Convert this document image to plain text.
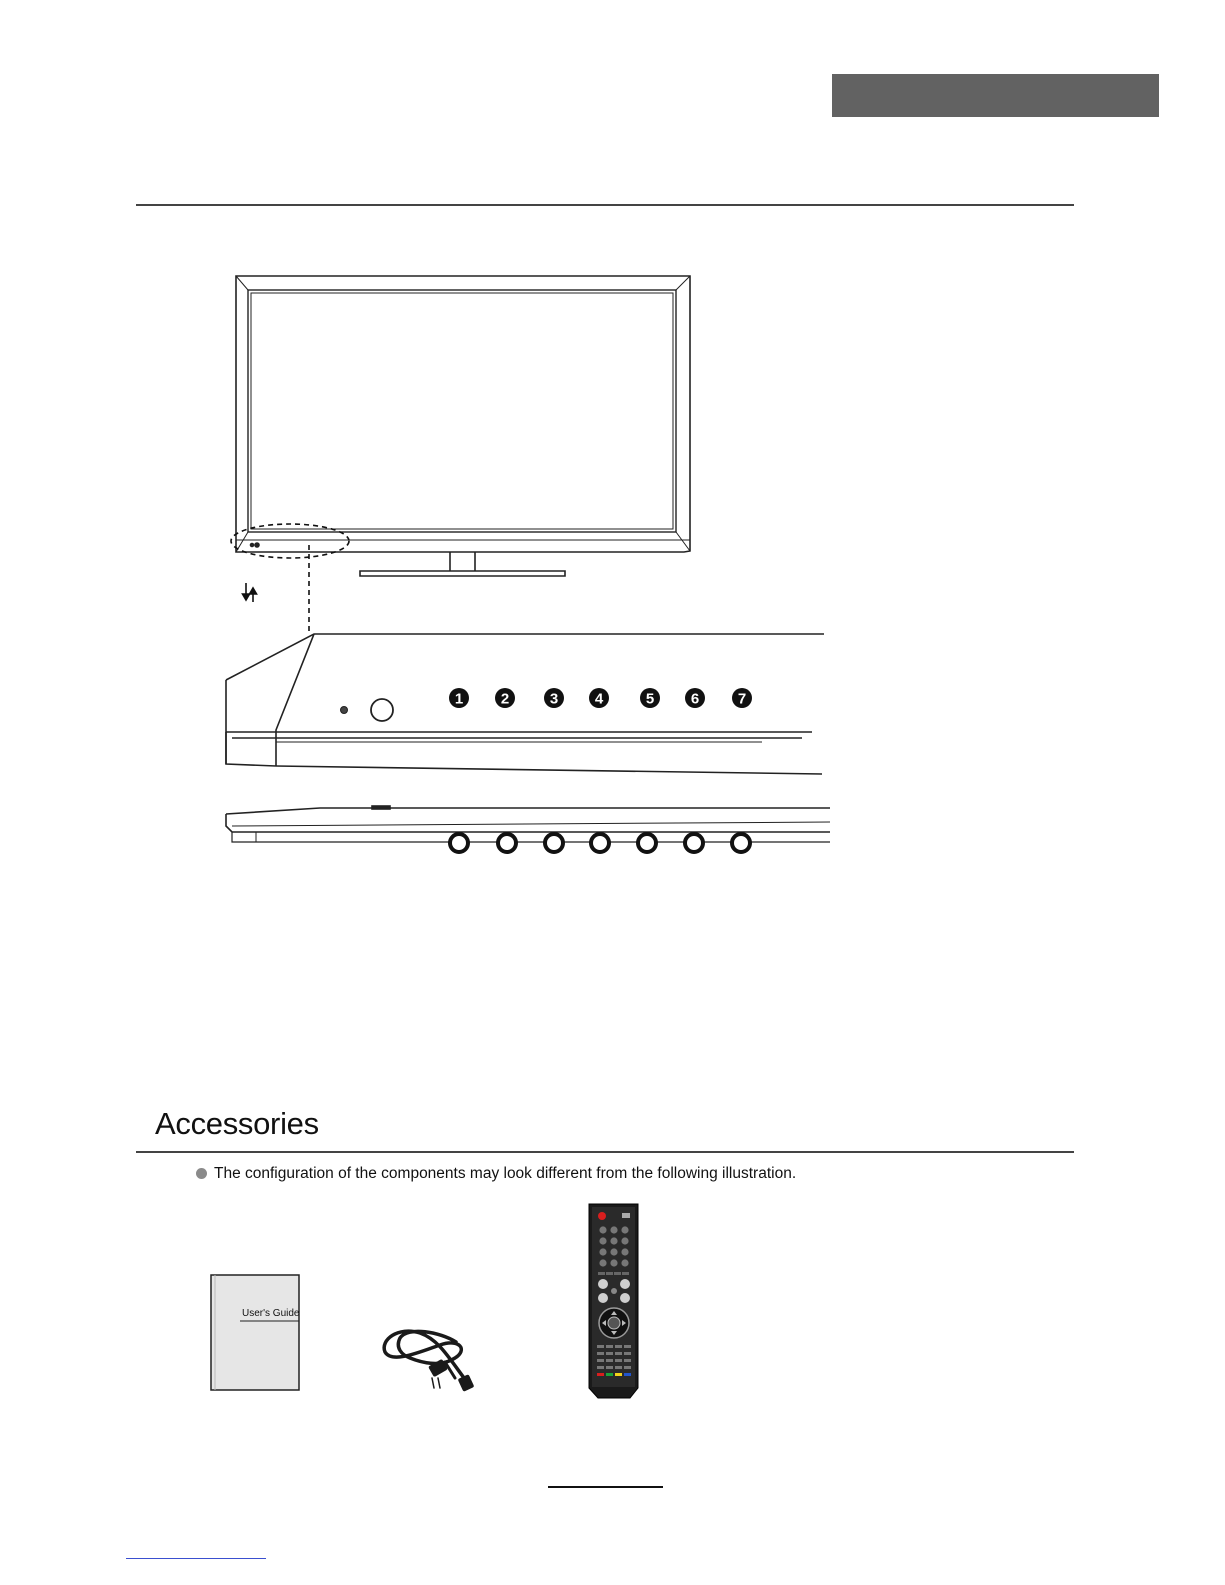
1	2	3 4	5 6	7
User's Guide
Accessories
The configuration of the components may look different from the following illustration.
